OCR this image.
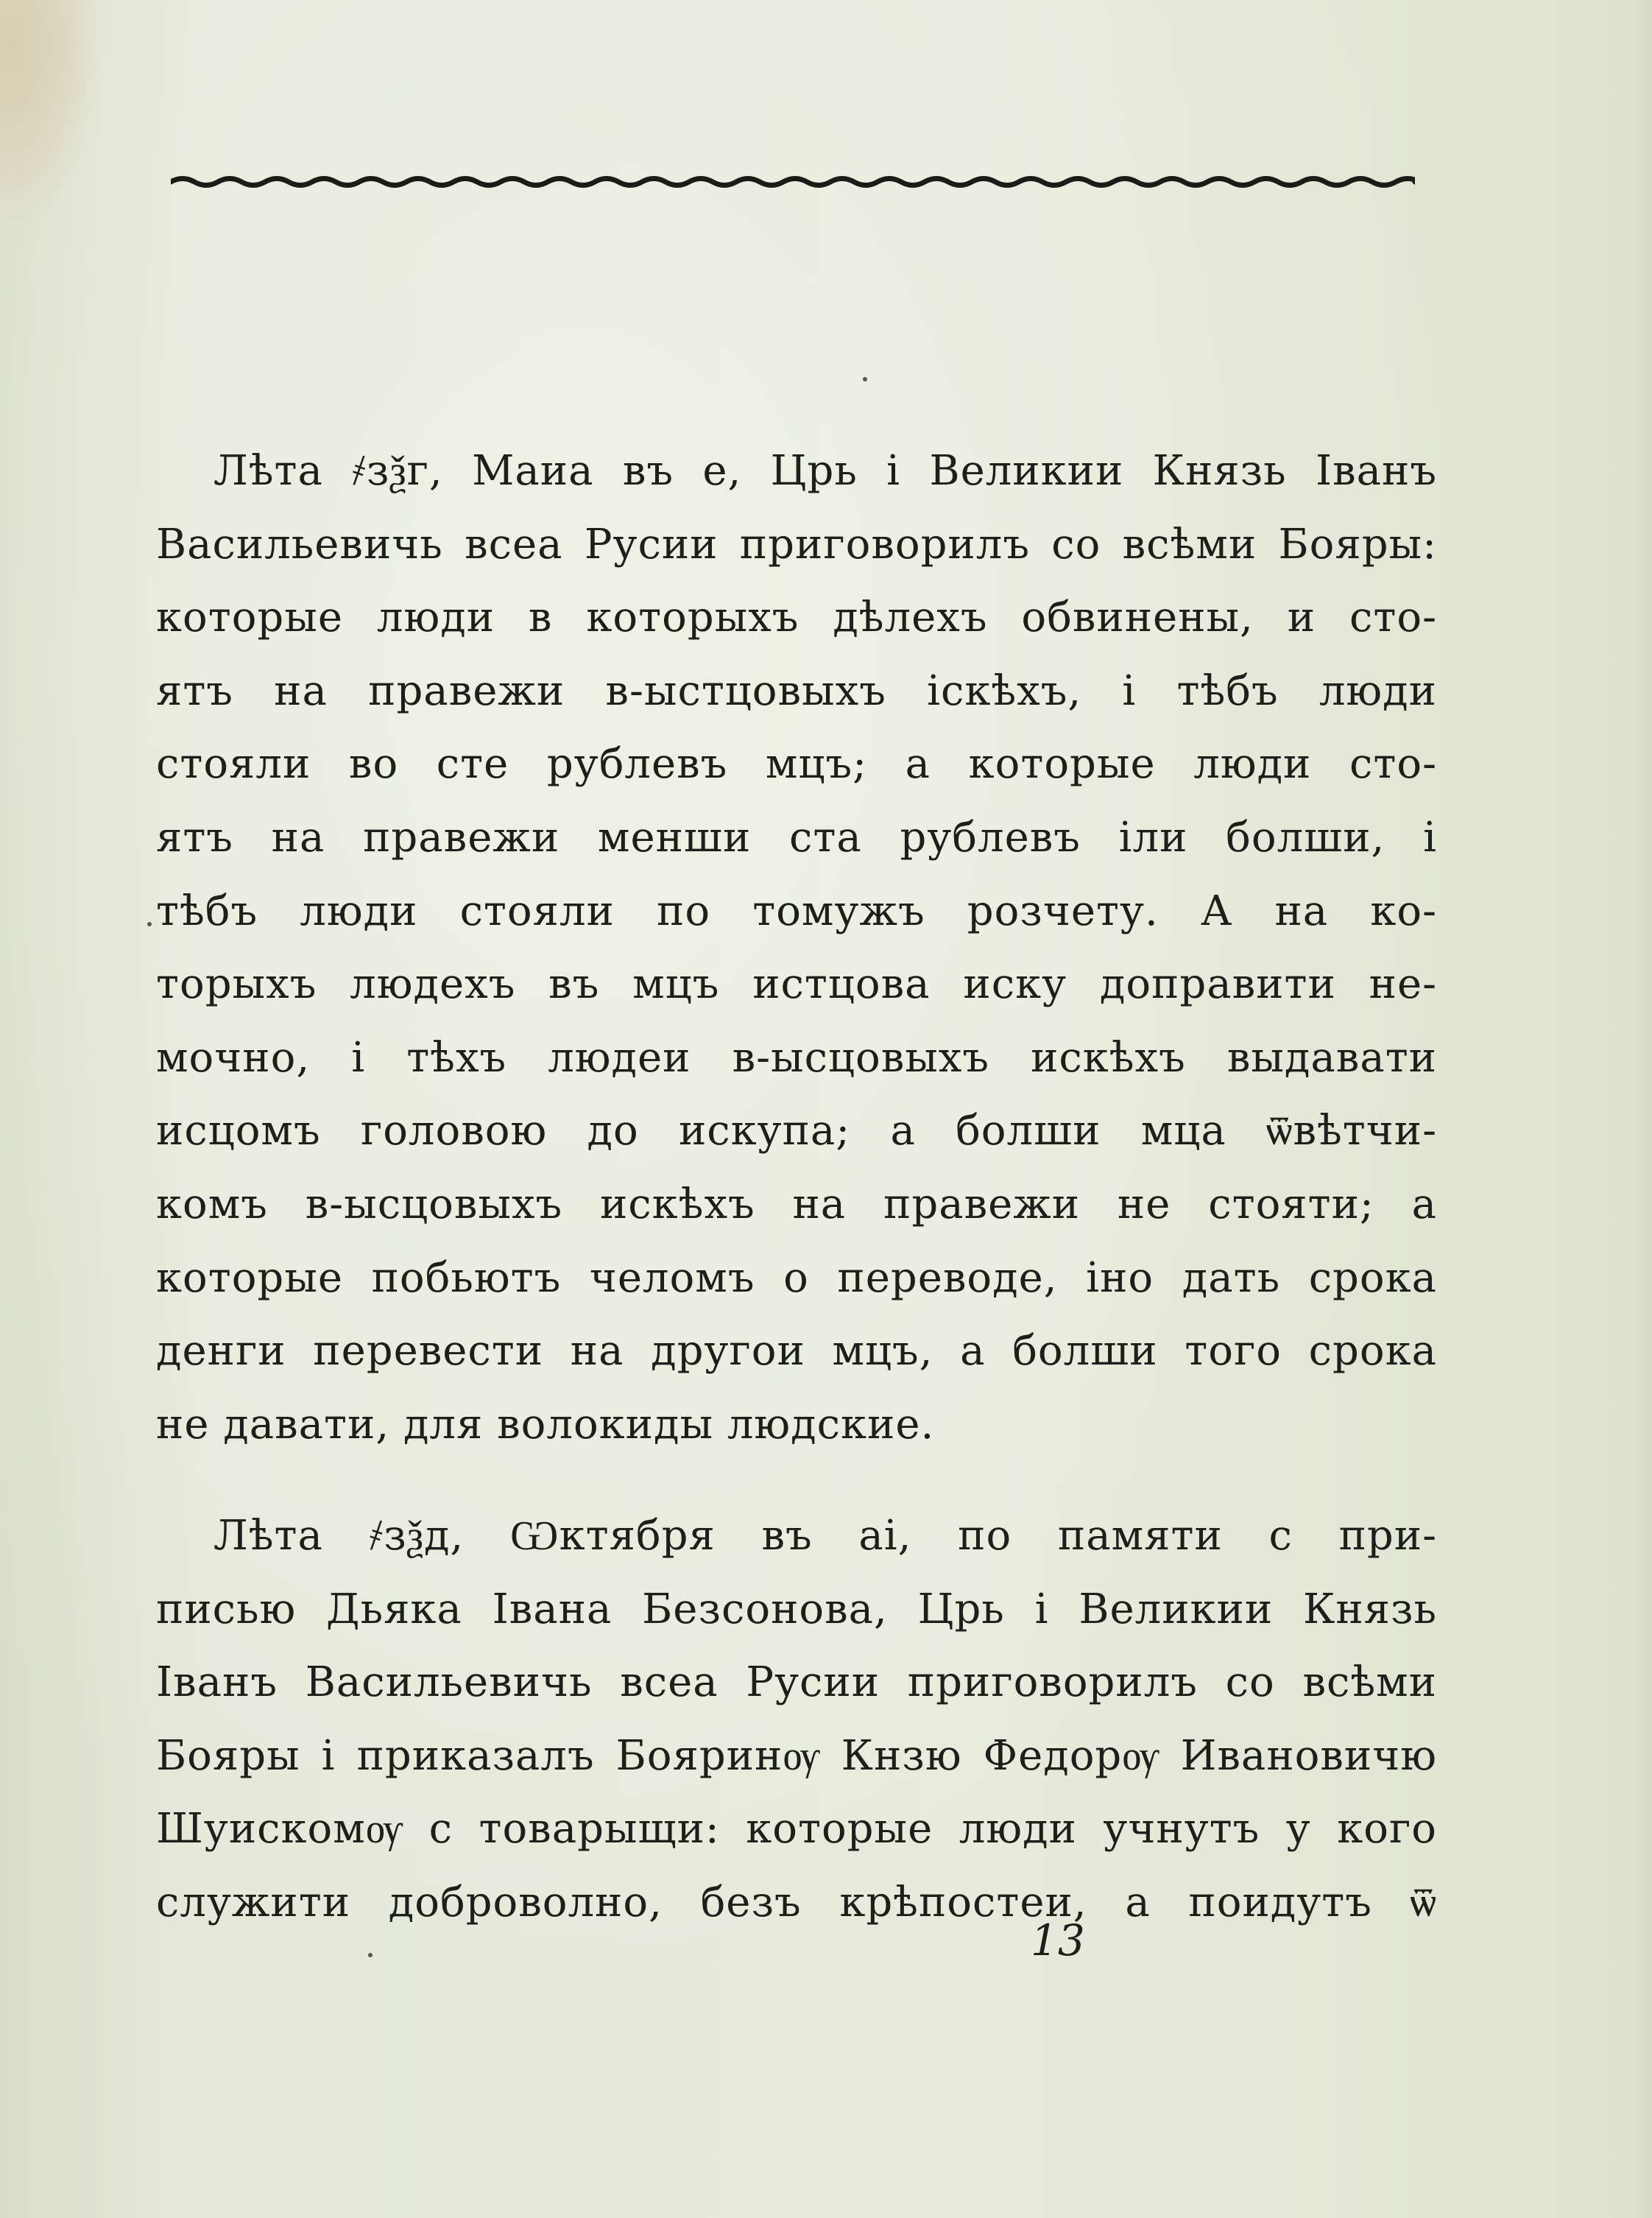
Лѣта ҂зѯг, Маиа въ е, Црь і Великии Князь Іванъ
Васильевичь всеа Русии приговорилъ со всѣми Бояры:
которые люди в которыхъ дѣлехъ обвинены, и сто-
ятъ на правежи в-ыстцовыхъ іскѣхъ, і тѣбъ люди
стояли во сте рублевъ мцъ; а которые люди сто-
ятъ на правежи менши ста рублевъ іли болши, і
тѣбъ люди стояли по томужъ розчету. А на ко-
торыхъ людехъ въ мцъ истцова иску доправити не-
мочно, і тѣхъ людеи в-ысцовыхъ искѣхъ выдавати
исцомъ головою до искупа; а болши мца ѿвѣтчи-
комъ в-ысцовыхъ искѣхъ на правежи не стояти; а
которые побьютъ челомъ о переводе, іно дать срока
денги перевести на другои мцъ, а болши того срока
не давати, для волокиды людские.
Лѣта ҂зѯд, Ѡктября въ аі, по памяти с при-
писью Дьяка Івана Безсонова, Црь і Великии Князь
Іванъ Васильевичь всеа Русии приговорилъ со всѣми
Бояры і приказалъ Бояринѹ Кнзю Федорѹ Ивановичю
Шуискомѹ с товарыщи: которые люди учнутъ у кого
служити доброволно, безъ крѣпостеи, а поидутъ ѿ
13
